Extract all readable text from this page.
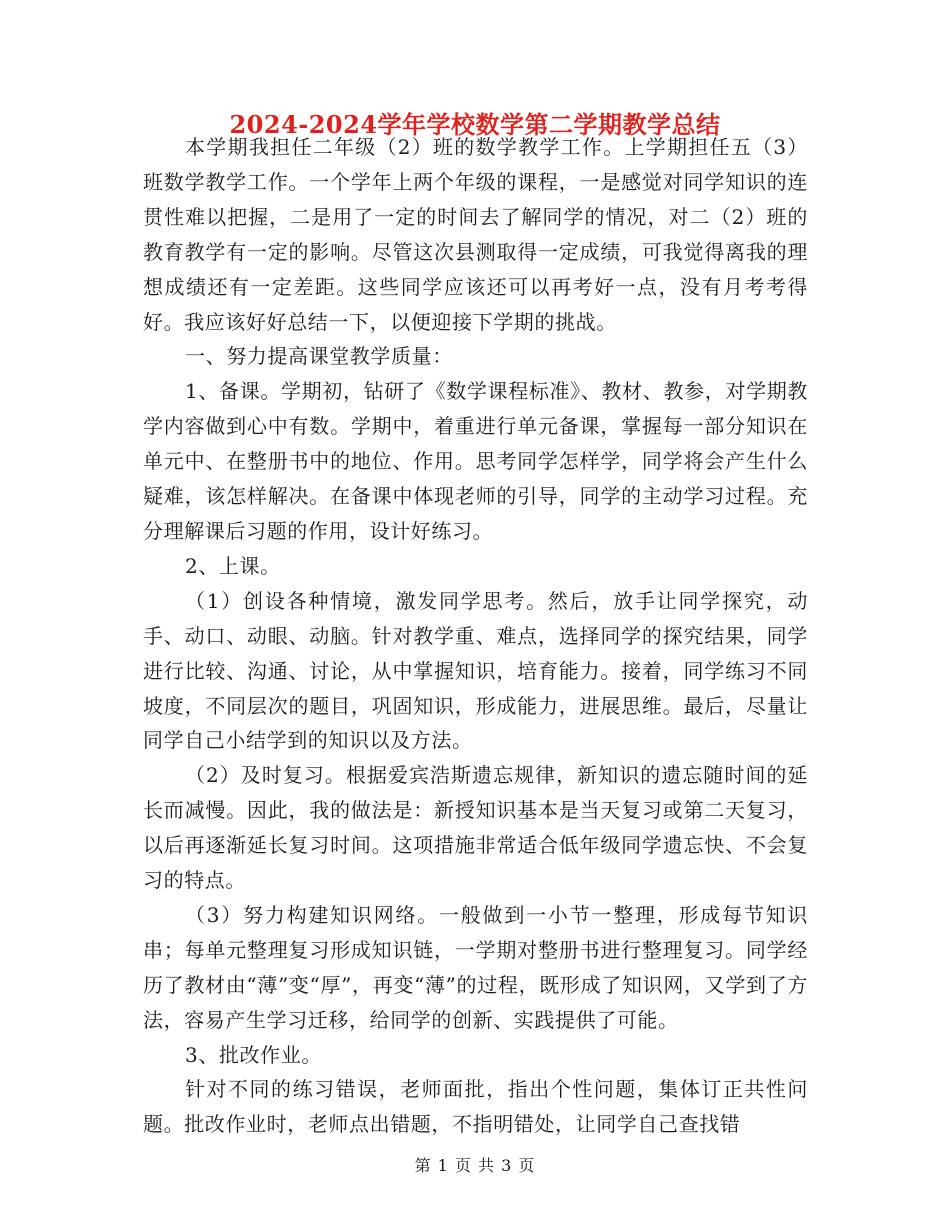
2024-2024学年学校数学第二学期教学总结

本学期我担任二年级（2）班的数学教学工作。上学期担任五（3）班数学教学工作。一个学年上两个年级的课程，一是感觉对同学知识的连贯性难以把握，二是用了一定的时间去了解同学的情况，对二（2）班的教育教学有一定的影响。尽管这次县测取得一定成绩，可我觉得离我的理想成绩还有一定差距。这些同学应该还可以再考好一点，没有月考考得好。我应该好好总结一下，以便迎接下学期的挑战。

一、努力提高课堂教学质量：

1、备课。学期初，钻研了《数学课程标准》、教材、教参，对学期教学内容做到心中有数。学期中，着重进行单元备课，掌握每一部分知识在单元中、在整册书中的地位、作用。思考同学怎样学，同学将会产生什么疑难，该怎样解决。在备课中体现老师的引导，同学的主动学习过程。充分理解课后习题的作用，设计好练习。

2、上课。

（1）创设各种情境，激发同学思考。然后，放手让同学探究，动手、动口、动眼、动脑。针对教学重、难点，选择同学的探究结果，同学进行比较、沟通、讨论，从中掌握知识，培育能力。接着，同学练习不同坡度，不同层次的题目，巩固知识，形成能力，进展思维。最后，尽量让同学自己小结学到的知识以及方法。

（2）及时复习。根据爱宾浩斯遗忘规律，新知识的遗忘随时间的延长而减慢。因此，我的做法是：新授知识基本是当天复习或第二天复习，以后再逐渐延长复习时间。这项措施非常适合低年级同学遗忘快、不会复习的特点。

（3）努力构建知识网络。一般做到一小节一整理，形成每节知识串；每单元整理复习形成知识链，一学期对整册书进行整理复习。同学经历了教材由“薄”变“厚”，再变“薄”的过程，既形成了知识网，又学到了方法，容易产生学习迁移，给同学的创新、实践提供了可能。

3、批改作业。

针对不同的练习错误，老师面批，指出个性问题，集体订正共性问题。批改作业时，老师点出错题，不指明错处，让同学自己查找错

第 1 页 共 3 页
